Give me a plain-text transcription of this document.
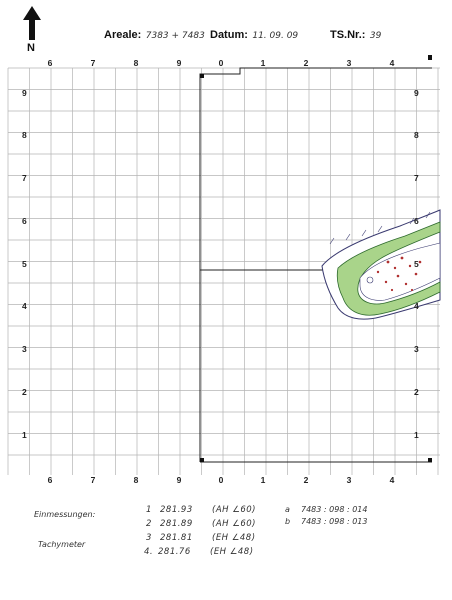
N
Areale: 7383 + 7483 Datum: 11. 09. 09	TS.Nr.: 39
6	7	8	9	0	1	2	3	4
6	7	8	9	0	1	2	3	4
9
8
7
6
5
4
3
2
1
9
8
7
6
5
4
3
2
1
Einmessungen:
Tachymeter
1 281.93 (AH ∠60)
2 281.89 (AH ∠60)
3 281.81 (EH ∠48)
4. 281.76 (EH ∠48)
a 7483 : 098 : 014
b 7483 : 098 : 013
